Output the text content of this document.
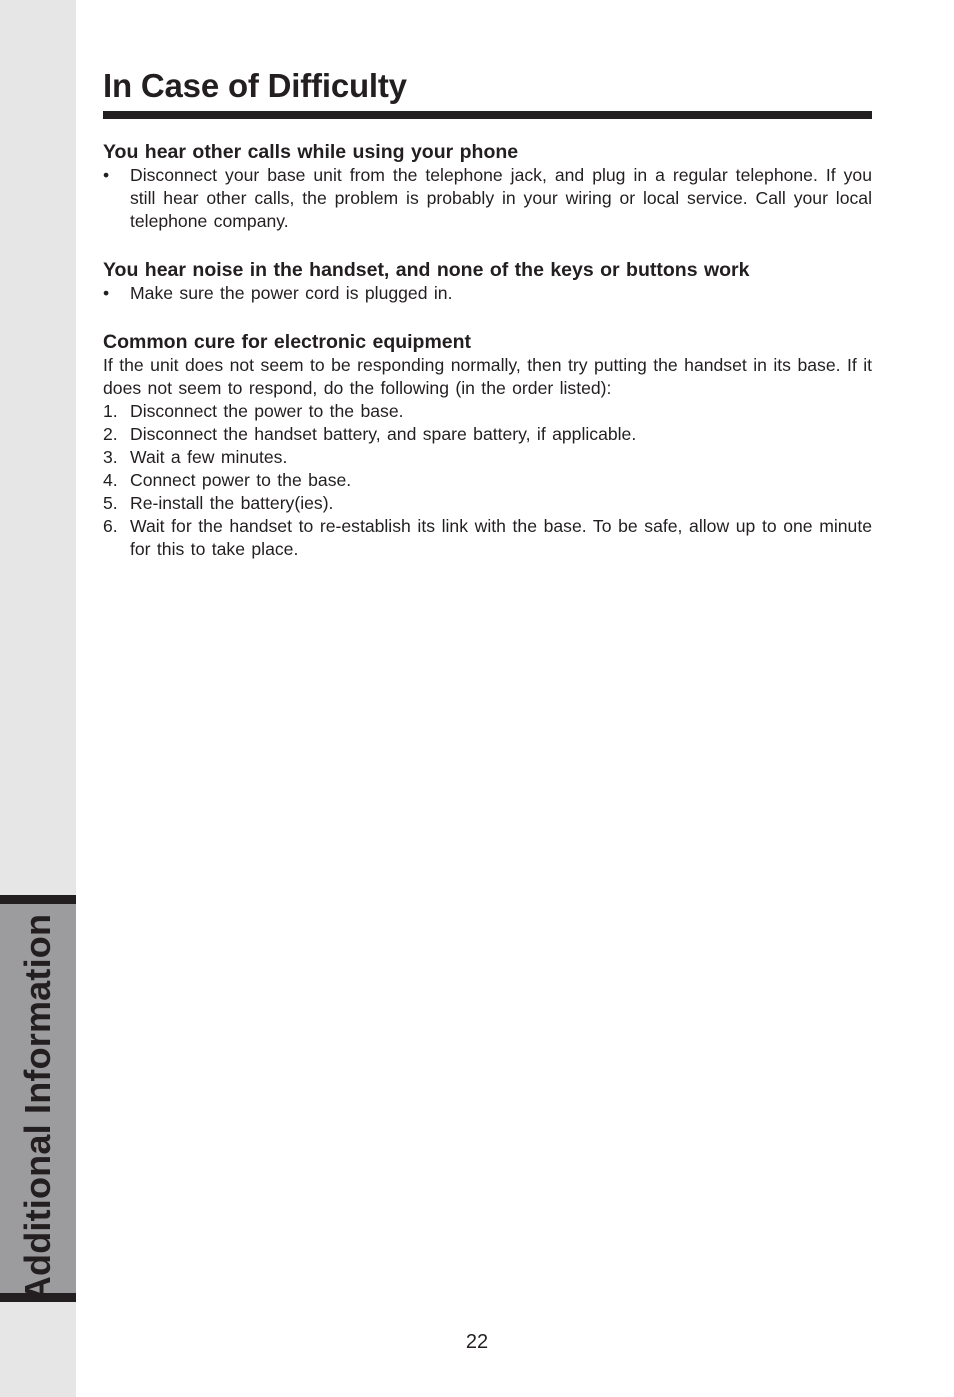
Additional Information
In Case of Difficulty
You hear other calls while using your phone
• Disconnect your base unit from the telephone jack, and plug in a regular telephone. If you still hear other calls, the problem is probably in your wiring or local service. Call your local telephone company.
You hear noise in the handset, and none of the keys or buttons work
• Make sure the power cord is plugged in.
Common cure for electronic equipment

If the unit does not seem to be responding normally, then try putting the handset in its base. If it does not seem to respond, do the following (in the order listed):

1. Disconnect the power to the base.
2. Disconnect the handset battery, and spare battery, if applicable.
3. Wait a few minutes.
4. Connect power to the base.
5. Re-install the battery(ies).
6. Wait for the handset to re-establish its link with the base. To be safe, allow up to one minute for this to take place.
22
